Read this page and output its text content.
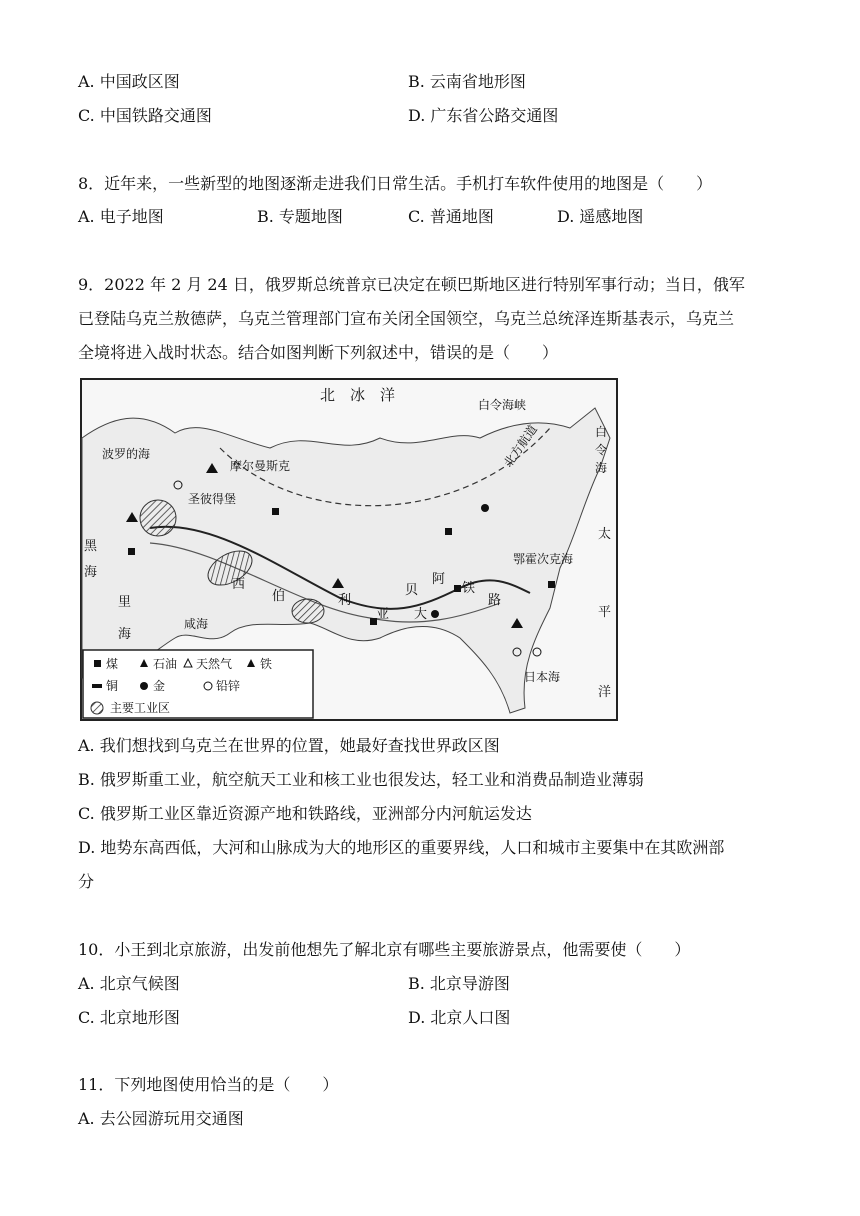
A. 中国政区图	B. 云南省地形图
C. 中国铁路交通图	D. 广东省公路交通图
8．近年来，一些新型的地图逐渐走进我们日常生活。手机打车软件使用的地图是（　　）
A. 电子地图	B. 专题地图	C. 普通地图	D. 遥感地图
9．2022 年 2 月 24 日，俄罗斯总统普京已决定在顿巴斯地区进行特别军事行动；当日，俄军
已登陆乌克兰敖德萨，乌克兰管理部门宣布关闭全国领空，乌克兰总统泽连斯基表示，乌克兰
全境将进入战时状态。结合如图判断下列叙述中，错误的是（　　）
北　冰　洋
白令海峡
波罗的海
摩尔曼斯克
圣彼得堡
黑
海
里
海
咸海
西
伯	利
亚
贝
阿
铁
路
大
鄂霍次克海
白
令
海
太
平
洋
日本海
北方航道
煤	石油 天然气 铁
铜	金	铅锌
主要工业区
A. 我们想找到乌克兰在世界的位置，她最好查找世界政区图
B. 俄罗斯重工业，航空航天工业和核工业也很发达，轻工业和消费品制造业薄弱
C. 俄罗斯工业区靠近资源产地和铁路线，亚洲部分内河航运发达
D. 地势东高西低，大河和山脉成为大的地形区的重要界线，人口和城市主要集中在其欧洲部
分
10．小王到北京旅游，出发前他想先了解北京有哪些主要旅游景点，他需要使（　　）
A. 北京气候图	B. 北京导游图
C. 北京地形图	D. 北京人口图
11．下列地图使用恰当的是（　　）
A. 去公园游玩用交通图
